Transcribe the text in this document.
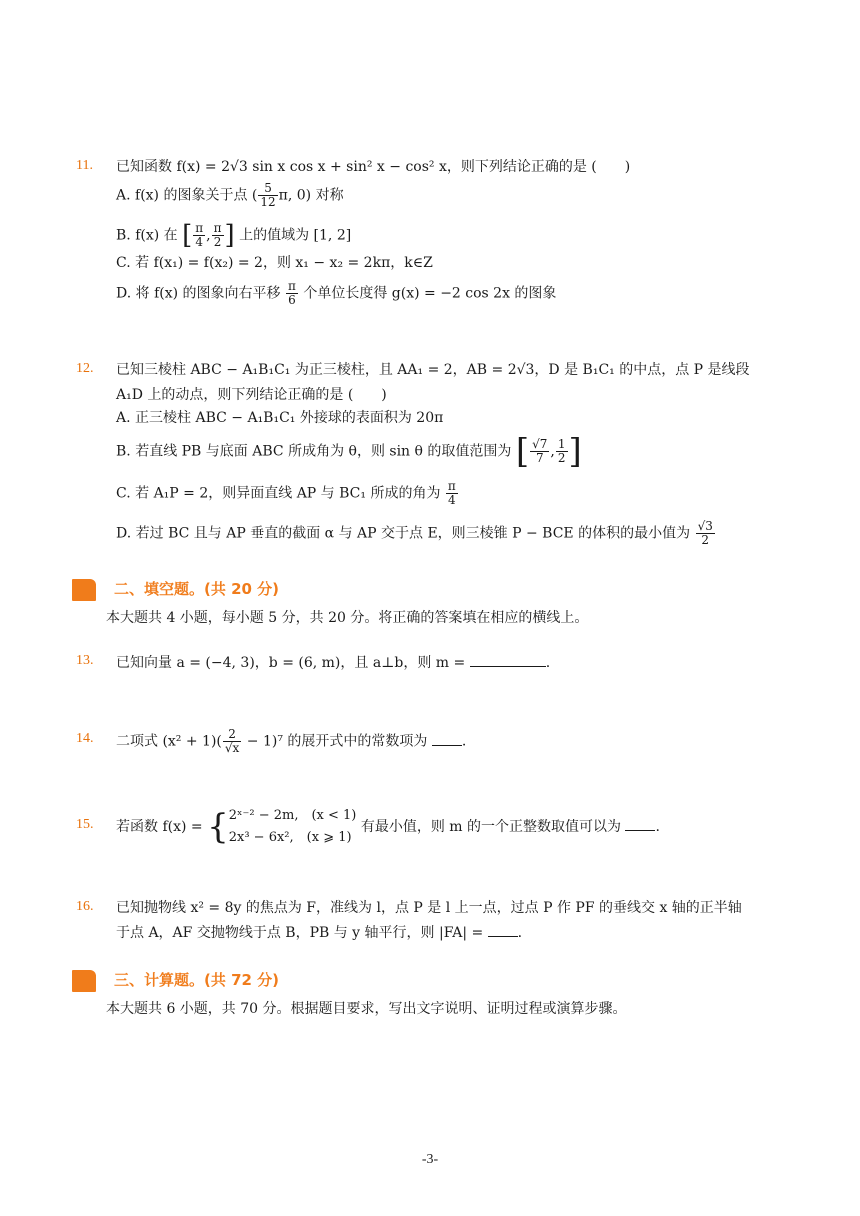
11. 已知函数 f(x) = 2√3 sin x cos x + sin² x − cos² x，则下列结论正确的是 (　　)
A. f(x) 的图象关于点 ( $\frac{5}{12} \pi$, 0) 对称
B. f(x) 在 [ $\frac{\pi}{4}$ , $\frac{\pi}{2}$ ] 上的值域为 [1, 2]
C. 若 f(x₁) = f(x₂) = 2，则 x₁ − x₂ = 2kπ，k∈Z
D. 将 f(x) 的图象向右平移 $\frac{\pi}{6}$ 个单位长度得 g(x) = −2 cos 2x 的图象
12. 已知三棱柱 ABC − A₁B₁C₁ 为正三棱柱，且 AA₁ = 2，AB = 2√3，D 是 B₁C₁ 的中点，点 P 是线段
A₁D 上的动点，则下列结论正确的是 (　　)
A. 正三棱柱 ABC − A₁B₁C₁ 外接球的表面积为 20π
B. 若直线 PB 与底面 ABC 所成角为 θ，则 sin θ 的取值范围为 [ $\frac{√7}{7}$ , $\frac{1}{2}$ ]
C. 若 A₁P = 2，则异面直线 AP 与 BC₁ 所成的角为 $\frac{\pi}{4}$
D. 若过 BC 且与 AP 垂直的截面 α 与 AP 交于点 E，则三棱锥 P − BCE 的体积的最小值为 $\frac{√3}{2}$
二、填空题。(共 20 分)
本大题共 4 小题，每小题 5 分，共 20 分。将正确的答案填在相应的横线上。
13. 已知向量 a = (−4, 3)，b = (6, m)，且 a⊥b，则 m =	.
14. 二项式 $(x^2 + 1)( \frac{2}{√x} - 1)^7$ 的展开式中的常数项为 .
15. 若函数 f(x) = { 2ˣ⁻² − 2m,　(x < 1)
2x³ − 6x²,　(x ⩾ 1)
有最小值，则 m 的一个正整数取值可以为 .
16. 已知抛物线 x² = 8y 的焦点为 F，准线为 l，点 P 是 l 上一点，过点 P 作 PF 的垂线交 x 轴的正半轴
于点 A，AF 交抛物线于点 B，PB 与 y 轴平行，则 |FA| = .
三、计算题。(共 72 分)
本大题共 6 小题，共 70 分。根据题目要求，写出文字说明、证明过程或演算步骤。
-3-
